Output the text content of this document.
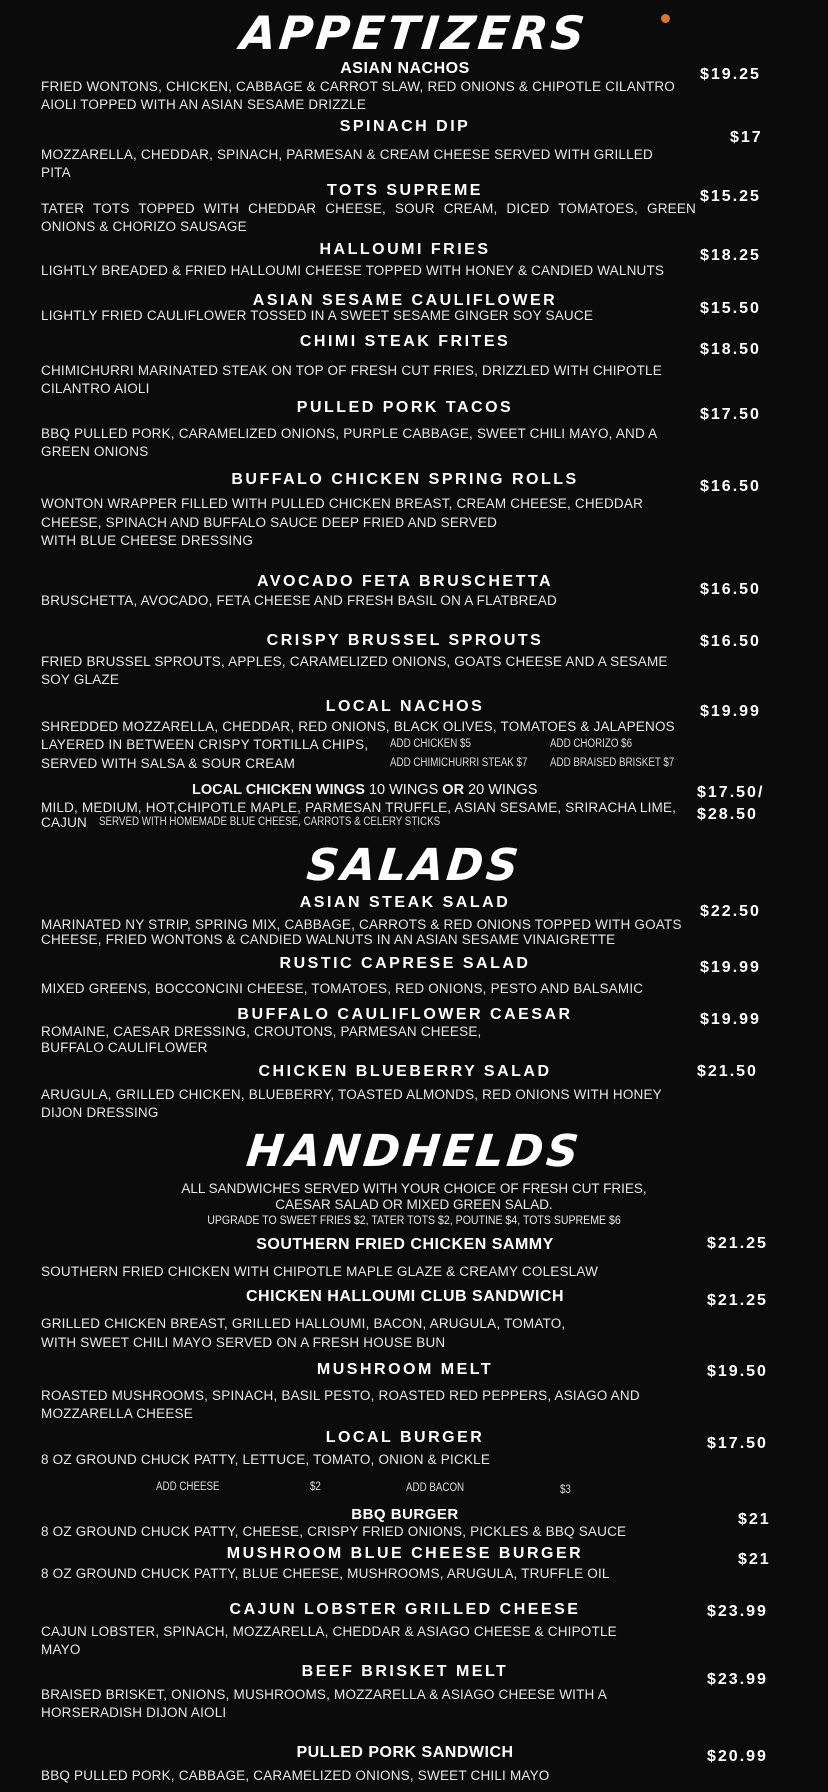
APPETIZERS
ASIAN NACHOS
FRIED WONTONS, CHICKEN, CABBAGE & CARROT SLAW, RED ONIONS & CHIPOTLE CILANTRO AIOLI TOPPED WITH AN ASIAN SESAME DRIZZLE
$19.25
SPINACH DIP
MOZZARELLA, CHEDDAR, SPINACH, PARMESAN & CREAM CHEESE SERVED WITH GRILLED PITA
$17
TOTS SUPREME
TATER TOTS TOPPED WITH CHEDDAR CHEESE, SOUR CREAM, DICED TOMATOES, GREEN ONIONS & CHORIZO SAUSAGE
$15.25
HALLOUMI FRIES
LIGHTLY BREADED & FRIED HALLOUMI CHEESE TOPPED WITH HONEY & CANDIED WALNUTS
$18.25
ASIAN SESAME CAULIFLOWER
LIGHTLY FRIED CAULIFLOWER TOSSED IN A SWEET SESAME GINGER SOY SAUCE	$15.50
CHIMI STEAK FRITES
CHIMICHURRI MARINATED STEAK ON TOP OF FRESH CUT FRIES, DRIZZLED WITH CHIPOTLE CILANTRO AIOLI
$18.50
PULLED PORK TACOS
BBQ PULLED PORK, CARAMELIZED ONIONS, PURPLE CABBAGE, SWEET CHILI MAYO, AND A GREEN ONIONS
$17.50
BUFFALO CHICKEN SPRING ROLLS
WONTON WRAPPER FILLED WITH PULLED CHICKEN BREAST, CREAM CHEESE, CHEDDAR
CHEESE, SPINACH AND BUFFALO SAUCE DEEP FRIED AND SERVED
WITH BLUE CHEESE DRESSING
$16.50
AVOCADO FETA BRUSCHETTA
BRUSCHETTA, AVOCADO, FETA CHEESE AND FRESH BASIL ON A FLATBREAD
$16.50
CRISPY BRUSSEL SPROUTS
FRIED BRUSSEL SPROUTS, APPLES, CARAMELIZED ONIONS, GOATS CHEESE AND A SESAME SOY GLAZE
$16.50
LOCAL NACHOS
SHREDDED MOZZARELLA, CHEDDAR, RED ONIONS, BLACK OLIVES, TOMATOES & JALAPENOS
LAYERED IN BETWEEN CRISPY TORTILLA CHIPS,
SERVED WITH SALSA & SOUR CREAM
ADD CHICKEN $5	ADD CHORIZO $6
ADD CHIMICHURRI STEAK $7 ADD BRAISED BRISKET $7
$19.99
LOCAL CHICKEN WINGS 10 WINGS OR 20 WINGS
MILD, MEDIUM, HOT,CHIPOTLE MAPLE, PARMESAN TRUFFLE, ASIAN SESAME, SRIRACHA LIME,
CAJUN	SERVED WITH HOMEMADE BLUE CHEESE, CARROTS & CELERY STICKS
$17.50/
$28.50
SALADS
ASIAN STEAK SALAD
MARINATED NY STRIP, SPRING MIX, CABBAGE, CARROTS & RED ONIONS TOPPED WITH GOATS
CHEESE, FRIED WONTONS & CANDIED WALNUTS IN AN ASIAN SESAME VINAIGRETTE
$22.50
RUSTIC CAPRESE SALAD
MIXED GREENS, BOCCONCINI CHEESE, TOMATOES, RED ONIONS, PESTO AND BALSAMIC
$19.99
BUFFALO CAULIFLOWER CAESAR
ROMAINE, CAESAR DRESSING, CROUTONS, PARMESAN CHEESE,
BUFFALO CAULIFLOWER
$19.99
CHICKEN BLUEBERRY SALAD
ARUGULA, GRILLED CHICKEN, BLUEBERRY, TOASTED ALMONDS, RED ONIONS WITH HONEY DIJON DRESSING
$21.50
HANDHELDS
ALL SANDWICHES SERVED WITH YOUR CHOICE OF FRESH CUT FRIES,
CAESAR SALAD OR MIXED GREEN SALAD.
UPGRADE TO SWEET FRIES $2, TATER TOTS $2, POUTINE $4, TOTS SUPREME $6
SOUTHERN FRIED CHICKEN SAMMY
SOUTHERN FRIED CHICKEN WITH CHIPOTLE MAPLE GLAZE & CREAMY COLESLAW
$21.25
CHICKEN HALLOUMI CLUB SANDWICH
GRILLED CHICKEN BREAST, GRILLED HALLOUMI, BACON, ARUGULA, TOMATO,
WITH SWEET CHILI MAYO SERVED ON A FRESH HOUSE BUN
$21.25
MUSHROOM MELT
ROASTED MUSHROOMS, SPINACH, BASIL PESTO, ROASTED RED PEPPERS, ASIAGO AND MOZZARELLA CHEESE
$19.50
LOCAL BURGER
8 OZ GROUND CHUCK PATTY, LETTUCE, TOMATO, ONION & PICKLE
ADD CHEESE	$2	ADD BACON	$3
$17.50
BBQ BURGER
8 OZ GROUND CHUCK PATTY, CHEESE, CRISPY FRIED ONIONS, PICKLES & BBQ SAUCE
$21
MUSHROOM BLUE CHEESE BURGER
8 OZ GROUND CHUCK PATTY, BLUE CHEESE, MUSHROOMS, ARUGULA, TRUFFLE OIL
$21
CAJUN LOBSTER GRILLED CHEESE
CAJUN LOBSTER, SPINACH, MOZZARELLA, CHEDDAR & ASIAGO CHEESE & CHIPOTLE MAYO
$23.99
BEEF BRISKET MELT
BRAISED BRISKET, ONIONS, MUSHROOMS, MOZZARELLA & ASIAGO CHEESE WITH A HORSERADISH DIJON AIOLI
$23.99
PULLED PORK SANDWICH
BBQ PULLED PORK, CABBAGE, CARAMELIZED ONIONS, SWEET CHILI MAYO
$20.99
